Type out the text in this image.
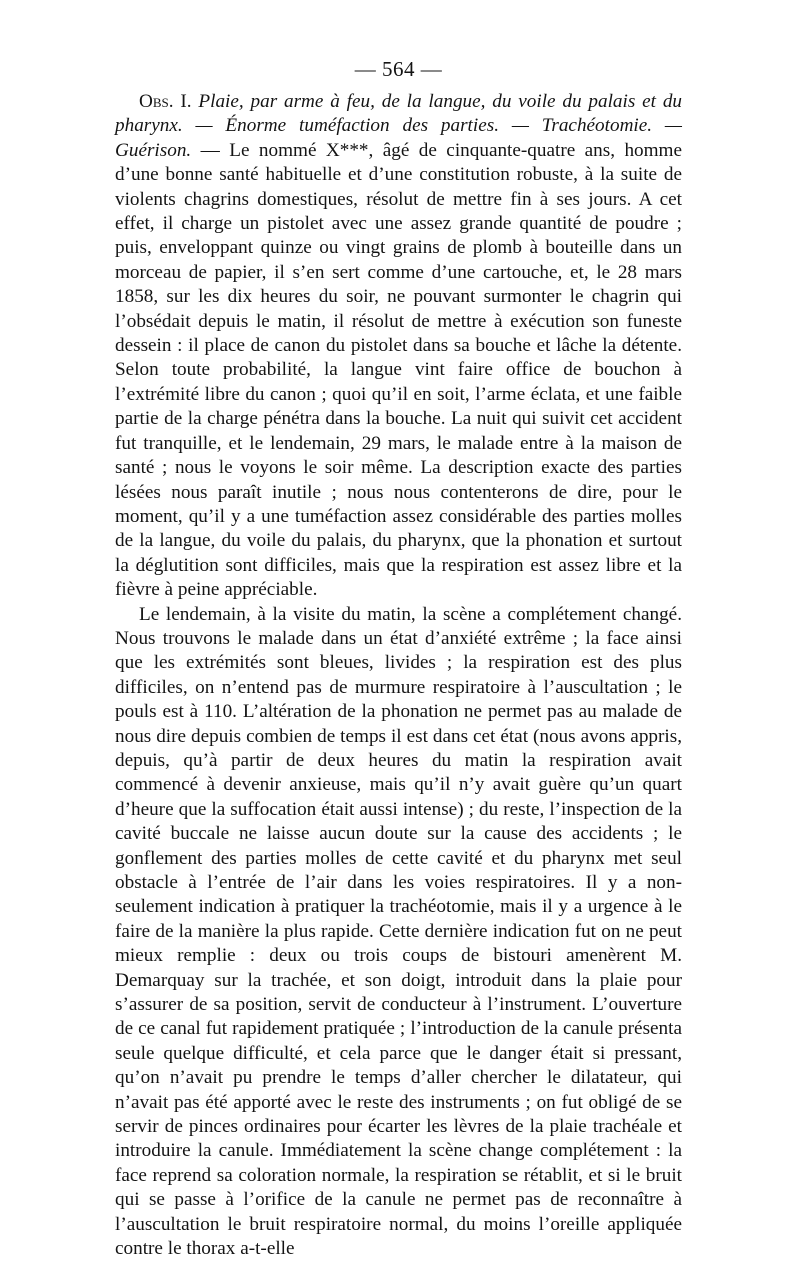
— 564 —

Obs. I. Plaie, par arme à feu, de la langue, du voile du palais et du pharynx. — Énorme tuméfaction des parties. — Trachéotomie. — Guérison. — Le nommé X***, âgé de cinquante-quatre ans, homme d’une bonne santé habituelle et d’une constitution robuste, à la suite de violents chagrins domestiques, résolut de mettre fin à ses jours. A cet effet, il charge un pistolet avec une assez grande quantité de poudre ; puis, enveloppant quinze ou vingt grains de plomb à bouteille dans un morceau de papier, il s’en sert comme d’une cartouche, et, le 28 mars 1858, sur les dix heures du soir, ne pouvant surmonter le chagrin qui l’obsédait depuis le matin, il résolut de mettre à exécution son funeste dessein : il place de canon du pistolet dans sa bouche et lâche la détente. Selon toute probabilité, la langue vint faire office de bouchon à l’extrémité libre du canon ; quoi qu’il en soit, l’arme éclata, et une faible partie de la charge pénétra dans la bouche. La nuit qui suivit cet accident fut tranquille, et le lendemain, 29 mars, le malade entre à la maison de santé ; nous le voyons le soir même. La description exacte des parties lésées nous paraît inutile ; nous nous contenterons de dire, pour le moment, qu’il y a une tuméfaction assez considérable des parties molles de la langue, du voile du palais, du pharynx, que la phonation et surtout la déglutition sont difficiles, mais que la respiration est assez libre et la fièvre à peine appréciable.

Le lendemain, à la visite du matin, la scène a complétement changé. Nous trouvons le malade dans un état d’anxiété extrême ; la face ainsi que les extrémités sont bleues, livides ; la respiration est des plus difficiles, on n’entend pas de murmure respiratoire à l’auscultation ; le pouls est à 110. L’altération de la phonation ne permet pas au malade de nous dire depuis combien de temps il est dans cet état (nous avons appris, depuis, qu’à partir de deux heures du matin la respiration avait commencé à devenir anxieuse, mais qu’il n’y avait guère qu’un quart d’heure que la suffocation était aussi intense) ; du reste, l’inspection de la cavité buccale ne laisse aucun doute sur la cause des accidents ; le gonflement des parties molles de cette cavité et du pharynx met seul obstacle à l’entrée de l’air dans les voies respiratoires. Il y a non-seulement indication à pratiquer la trachéotomie, mais il y a urgence à le faire de la manière la plus rapide. Cette dernière indication fut on ne peut mieux remplie : deux ou trois coups de bistouri amenèrent M. Demarquay sur la trachée, et son doigt, introduit dans la plaie pour s’assurer de sa position, servit de conducteur à l’instrument. L’ouverture de ce canal fut rapidement pratiquée ; l’introduction de la canule présenta seule quelque difficulté, et cela parce que le danger était si pressant, qu’on n’avait pu prendre le temps d’aller chercher le dilatateur, qui n’avait pas été apporté avec le reste des instruments ; on fut obligé de se servir de pinces ordinaires pour écarter les lèvres de la plaie trachéale et introduire la canule. Immédiatement la scène change complétement : la face reprend sa coloration normale, la respiration se rétablit, et si le bruit qui se passe à l’orifice de la canule ne permet pas de reconnaître à l’auscultation le bruit respiratoire normal, du moins l’oreille appliquée contre le thorax a-t-elle
